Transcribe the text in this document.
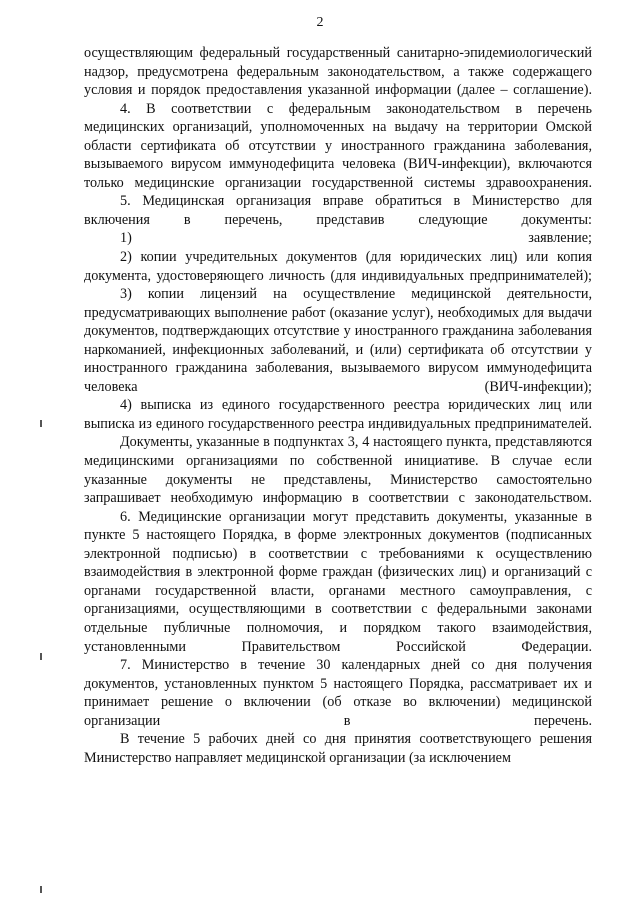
2

осуществляющим федеральный государственный санитарно-эпидемиологический надзор, предусмотрена федеральным законодательством, а также содержащего условия и порядок предоставления указанной информации (далее – соглашение).

4. В соответствии с федеральным законодательством в перечень медицинских организаций, уполномоченных на выдачу на территории Омской области сертификата об отсутствии у иностранного гражданина заболевания, вызываемого вирусом иммунодефицита человека (ВИЧ-инфекции), включаются только медицинские организации государственной системы здравоохранения.

5. Медицинская организация вправе обратиться в Министерство для включения в перечень, представив следующие документы:

1) заявление;

2) копии учредительных документов (для юридических лиц) или копия документа, удостоверяющего личность (для индивидуальных предпринимателей);

3) копии лицензий на осуществление медицинской деятельности, предусматривающих выполнение работ (оказание услуг), необходимых для выдачи документов, подтверждающих отсутствие у иностранного гражданина заболевания наркоманией, инфекционных заболеваний, и (или) сертификата об отсутствии у иностранного гражданина заболевания, вызываемого вирусом иммунодефицита человека (ВИЧ-инфекции);

4) выписка из единого государственного реестра юридических лиц или выписка из единого государственного реестра индивидуальных предпринимателей.

Документы, указанные в подпунктах 3, 4 настоящего пункта, представляются медицинскими организациями по собственной инициативе. В случае если указанные документы не представлены, Министерство самостоятельно запрашивает необходимую информацию в соответствии с законодательством.

6. Медицинские организации могут представить документы, указанные в пункте 5 настоящего Порядка, в форме электронных документов (подписанных электронной подписью) в соответствии с требованиями к осуществлению взаимодействия в электронной форме граждан (физических лиц) и организаций с органами государственной власти, органами местного самоуправления, с организациями, осуществляющими в соответствии с федеральными законами отдельные публичные полномочия, и порядком такого взаимодействия, установленными Правительством Российской Федерации.

7. Министерство в течение 30 календарных дней со дня получения документов, установленных пунктом 5 настоящего Порядка, рассматривает их и принимает решение о включении (об отказе во включении) медицинской организации в перечень.

В течение 5 рабочих дней со дня принятия соответствующего решения Министерство направляет медицинской организации (за исключением
